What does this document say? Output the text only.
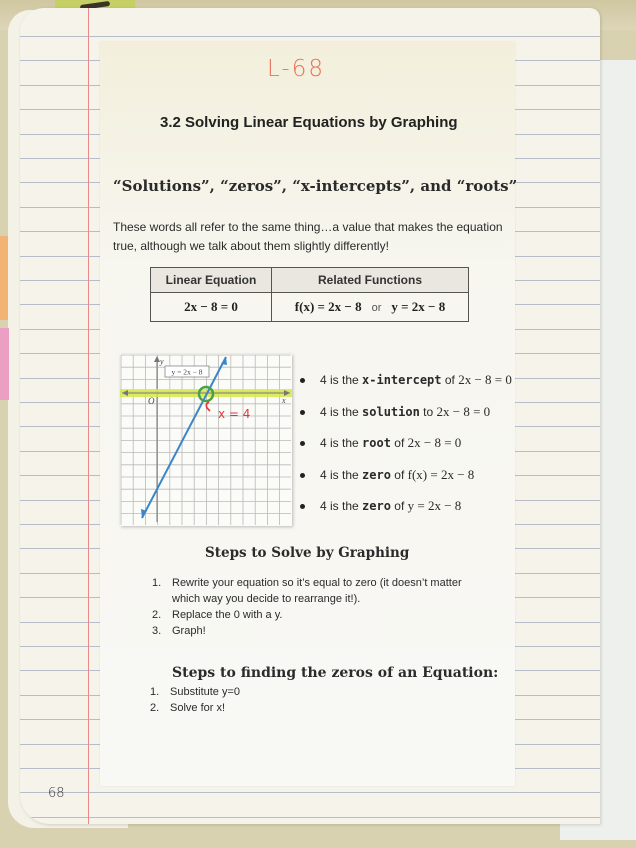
L-68
3.2 Solving Linear Equations by Graphing
“Solutions”, “zeros”, “x-intercepts”, and “roots”
These words all refer to the same thing…a value that makes the equation true, although we talk about them slightly differently!
Linear Equation	Related Functions
2x − 8 = 0	f(x) = 2x − 8 or y = 2x − 8
y = 2x − 8
O	x
y
x = 4
4 is the x-intercept of 2x − 8 = 0
4 is the solution to 2x − 8 = 0
4 is the root of 2x − 8 = 0
4 is the zero of f(x) = 2x − 8
4 is the zero of y = 2x − 8
Steps to Solve by Graphing
1. Rewrite your equation so it’s equal to zero (it doesn’t matter which way you decide to rearrange it!).
2. Replace the 0 with a y.
3. Graph!
Steps to finding the zeros of an Equation:
1. Substitute y=0
2. Solve for x!
68
